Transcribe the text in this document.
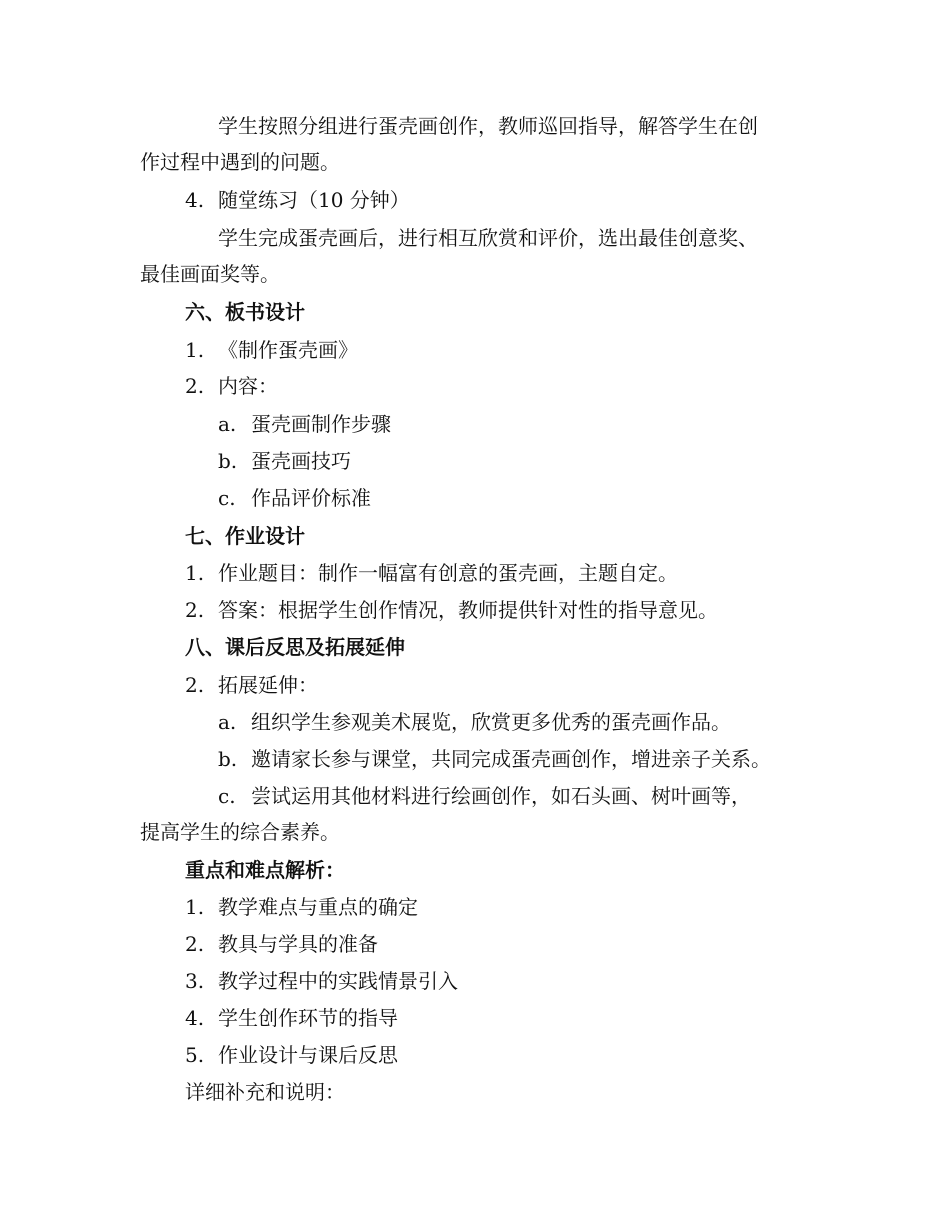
学生按照分组进行蛋壳画创作，教师巡回指导，解答学生在创
作过程中遇到的问题。
4. 随堂练习（10 分钟）
学生完成蛋壳画后，进行相互欣赏和评价，选出最佳创意奖、
最佳画面奖等。
六、板书设计
1. 《制作蛋壳画》
2. 内容：
a. 蛋壳画制作步骤
b. 蛋壳画技巧
c. 作品评价标准
七、作业设计
1. 作业题目：制作一幅富有创意的蛋壳画，主题自定。
2. 答案：根据学生创作情况，教师提供针对性的指导意见。
八、课后反思及拓展延伸
2. 拓展延伸：
a. 组织学生参观美术展览，欣赏更多优秀的蛋壳画作品。
b. 邀请家长参与课堂，共同完成蛋壳画创作，增进亲子关系。
c. 尝试运用其他材料进行绘画创作，如石头画、树叶画等，
提高学生的综合素养。
重点和难点解析：
1. 教学难点与重点的确定
2. 教具与学具的准备
3. 教学过程中的实践情景引入
4. 学生创作环节的指导
5. 作业设计与课后反思
详细补充和说明：
